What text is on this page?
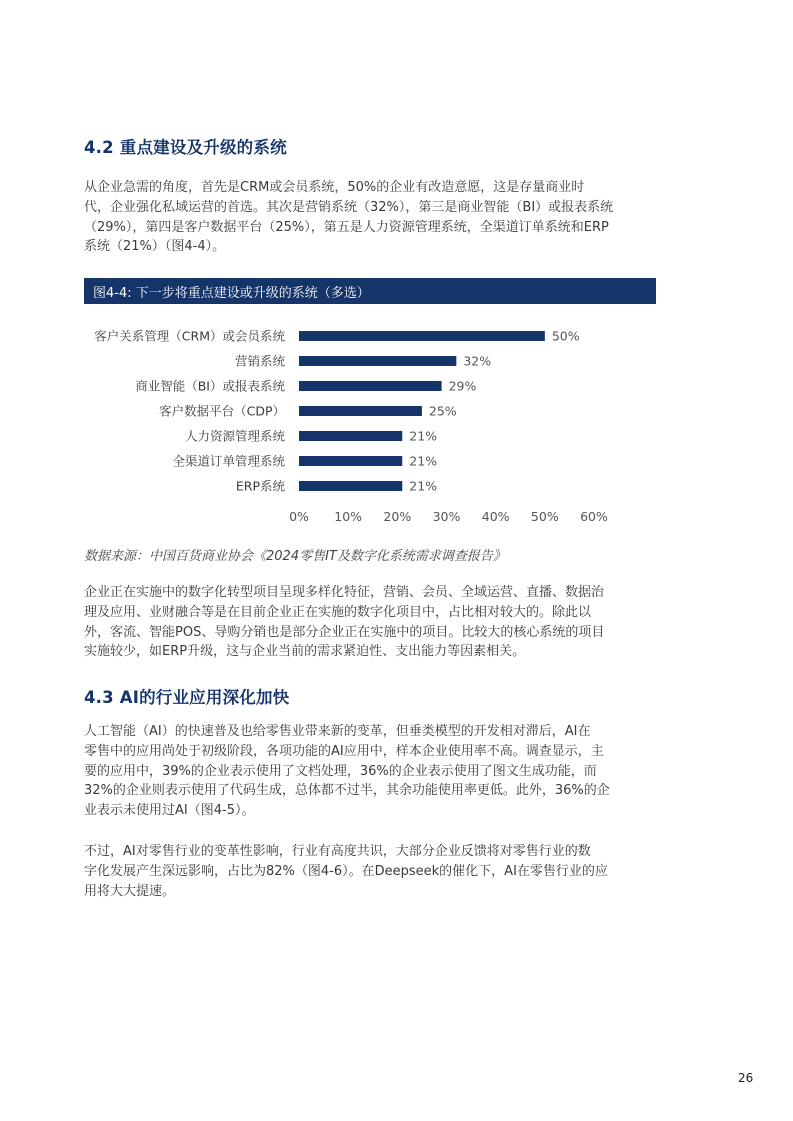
4.2 重点建设及升级的系统
从企业急需的角度，首先是CRM或会员系统，50%的企业有改造意愿，这是存量商业时
代，企业强化私域运营的首选。其次是营销系统（32%），第三是商业智能（BI）或报表系统
（29%），第四是客户数据平台（25%），第五是人力资源管理系统，全渠道订单系统和ERP
系统（21%）（图4-4）。
图4-4: 下一步将重点建设或升级的系统（多选）
客户关系管理（CRM）或会员系统	50%
营销系统	32%
商业智能（BI）或报表系统	29%
客户数据平台（CDP）	25%
人力资源管理系统	21%
全渠道订单管理系统	21%
ERP系统	21%
0% 10% 20% 30% 40% 50% 60%
数据来源：中国百货商业协会《2024零售IT及数字化系统需求调查报告》
企业正在实施中的数字化转型项目呈现多样化特征，营销、会员、全域运营、直播、数据治
理及应用、业财融合等是在目前企业正在实施的数字化项目中，占比相对较大的。除此以
外，客流、智能POS、导购分销也是部分企业正在实施中的项目。比较大的核心系统的项目
实施较少，如ERP升级，这与企业当前的需求紧迫性、支出能力等因素相关。
4.3 AI的行业应用深化加快
人工智能（AI）的快速普及也给零售业带来新的变革，但垂类模型的开发相对滞后，AI在
零售中的应用尚处于初级阶段，各项功能的AI应用中，样本企业使用率不高。调查显示，主
要的应用中，39%的企业表示使用了文档处理，36%的企业表示使用了图文生成功能，而
32%的企业则表示使用了代码生成，总体都不过半，其余功能使用率更低。此外，36%的企
业表示未使用过AI（图4-5）。
不过，AI对零售行业的变革性影响，行业有高度共识，大部分企业反馈将对零售行业的数
字化发展产生深远影响，占比为82%（图4-6）。在Deepseek的催化下，AI在零售行业的应
用将大大提速。
26
